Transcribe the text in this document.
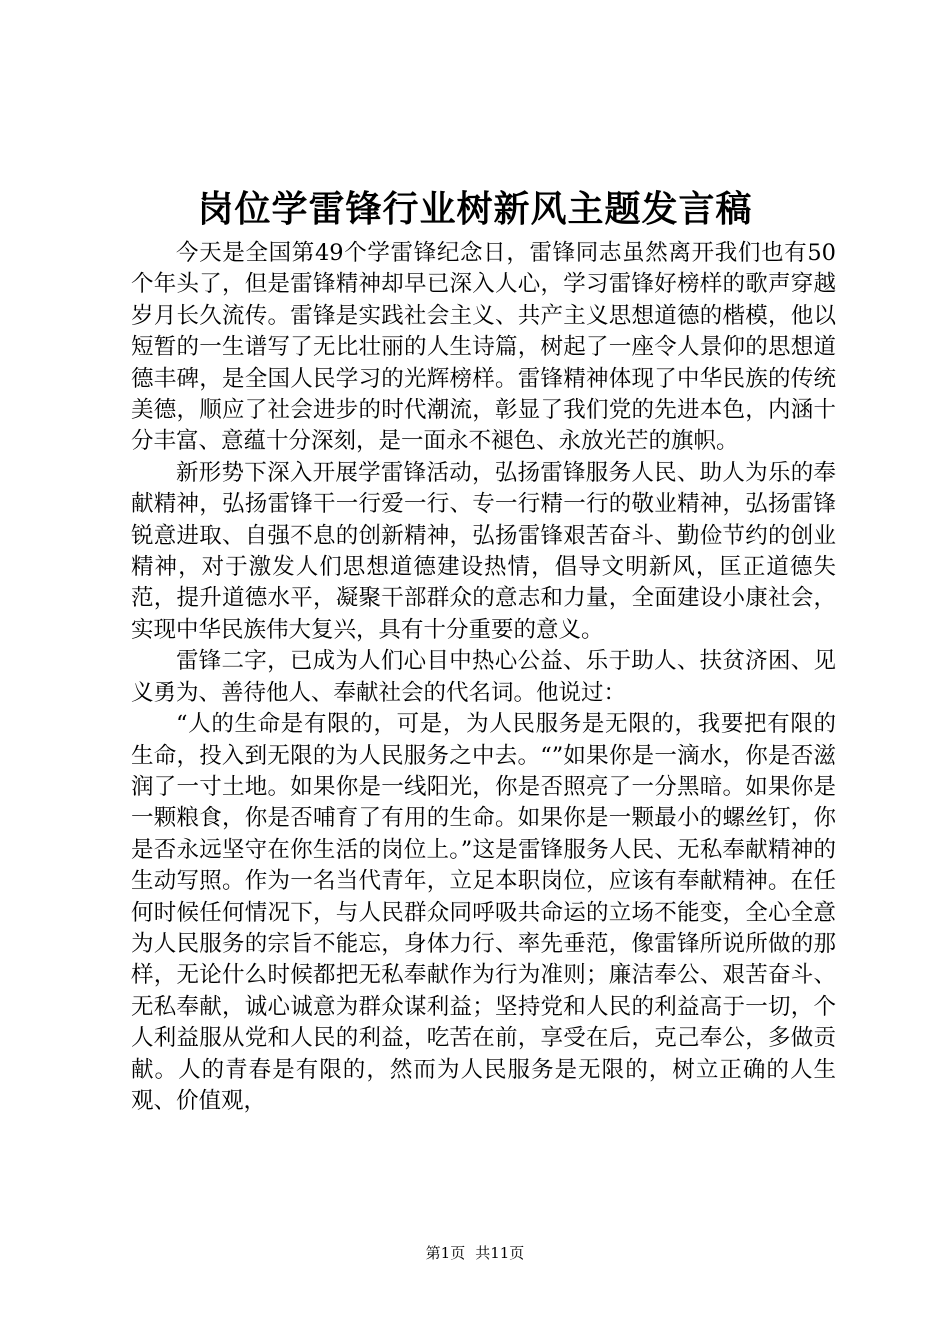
岗位学雷锋行业树新风主题发言稿

今天是全国第49个学雷锋纪念日，雷锋同志虽然离开我们也有50个年头了，但是雷锋精神却早已深入人心，学习雷锋好榜样的歌声穿越岁月长久流传。雷锋是实践社会主义、共产主义思想道德的楷模，他以短暂的一生谱写了无比壮丽的人生诗篇，树起了一座令人景仰的思想道德丰碑，是全国人民学习的光辉榜样。雷锋精神体现了中华民族的传统美德，顺应了社会进步的时代潮流，彰显了我们党的先进本色，内涵十分丰富、意蕴十分深刻，是一面永不褪色、永放光芒的旗帜。

新形势下深入开展学雷锋活动，弘扬雷锋服务人民、助人为乐的奉献精神，弘扬雷锋干一行爱一行、专一行精一行的敬业精神，弘扬雷锋锐意进取、自强不息的创新精神，弘扬雷锋艰苦奋斗、勤俭节约的创业精神，对于激发人们思想道德建设热情，倡导文明新风，匡正道德失范，提升道德水平，凝聚干部群众的意志和力量，全面建设小康社会，实现中华民族伟大复兴，具有十分重要的意义。

雷锋二字，已成为人们心目中热心公益、乐于助人、扶贫济困、见义勇为、善待他人、奉献社会的代名词。他说过：

“人的生命是有限的，可是，为人民服务是无限的，我要把有限的生命，投入到无限的为人民服务之中去。“”如果你是一滴水，你是否滋润了一寸土地。如果你是一线阳光，你是否照亮了一分黑暗。如果你是一颗粮食，你是否哺育了有用的生命。如果你是一颗最小的螺丝钉，你是否永远坚守在你生活的岗位上。”这是雷锋服务人民、无私奉献精神的生动写照。作为一名当代青年，立足本职岗位，应该有奉献精神。在任何时候任何情况下，与人民群众同呼吸共命运的立场不能变，全心全意为人民服务的宗旨不能忘，身体力行、率先垂范，像雷锋所说所做的那样，无论什么时候都把无私奉献作为行为准则；廉洁奉公、艰苦奋斗、无私奉献，诚心诚意为群众谋利益；坚持党和人民的利益高于一切，个人利益服从党和人民的利益，吃苦在前，享受在后，克己奉公，多做贡献。人的青春是有限的，然而为人民服务是无限的，树立正确的人生观、价值观，

第1页 共11页
